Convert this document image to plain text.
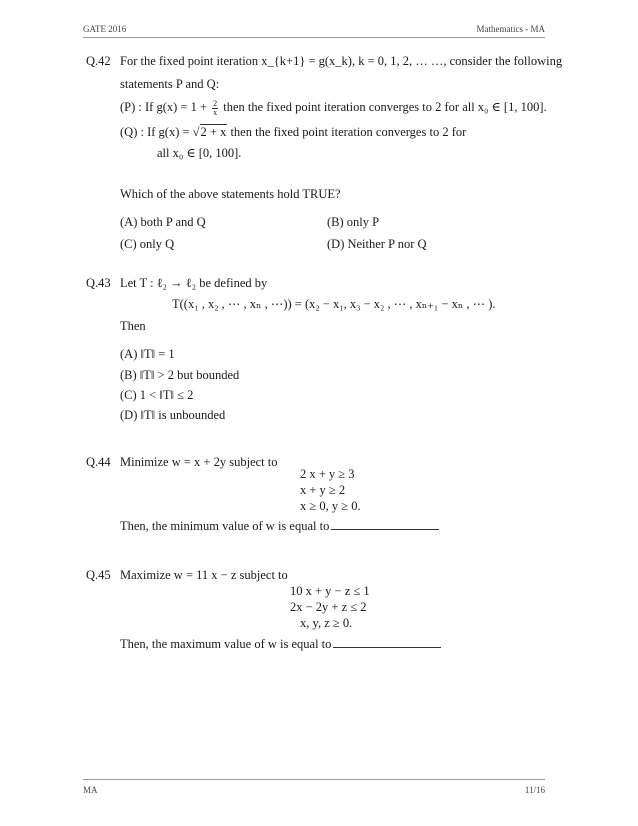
GATE 2016	Mathematics - MA
Q.42 For the fixed point iteration x_{k+1} = g(x_k), k = 0, 1, 2, … …, consider the following
statements P and Q:
(P) : If $g(x) = 1 + \frac{2}{x}$ then the fixed point iteration converges to 2 for all x₀ ∈ [1, 100].
(Q) : If g(x) = √2 + x then the fixed point iteration converges to 2 for
all x₀ ∈ [0, 100].
Which of the above statements hold TRUE?
(A) both P and Q	(B) only P
(C) only Q	(D) Neither P nor Q
Q.43 Let T : ℓ₂ → ℓ₂ be defined by
T((x₁ , x₂ , ⋯ , xₙ , ⋯)) = (x₂ − x₁, x₃ − x₂ , ⋯ , xₙ₊₁ − xₙ , ⋯ ).
Then
(A) ‖T‖ = 1
(B) ‖T‖ > 2 but bounded
(C) 1 < ‖T‖ ≤ 2
(D) ‖T‖ is unbounded
Q.44 Minimize w = x + 2y subject to
2 x + y ≥ 3
x + y ≥ 2
x ≥ 0, y ≥ 0.
Then, the minimum value of w is equal to
Q.45 Maximize w = 11 x − z subject to
10 x + y − z ≤ 1
2x − 2y + z ≤ 2
x, y, z ≥ 0.
Then, the maximum value of w is equal to
MA	11/16
